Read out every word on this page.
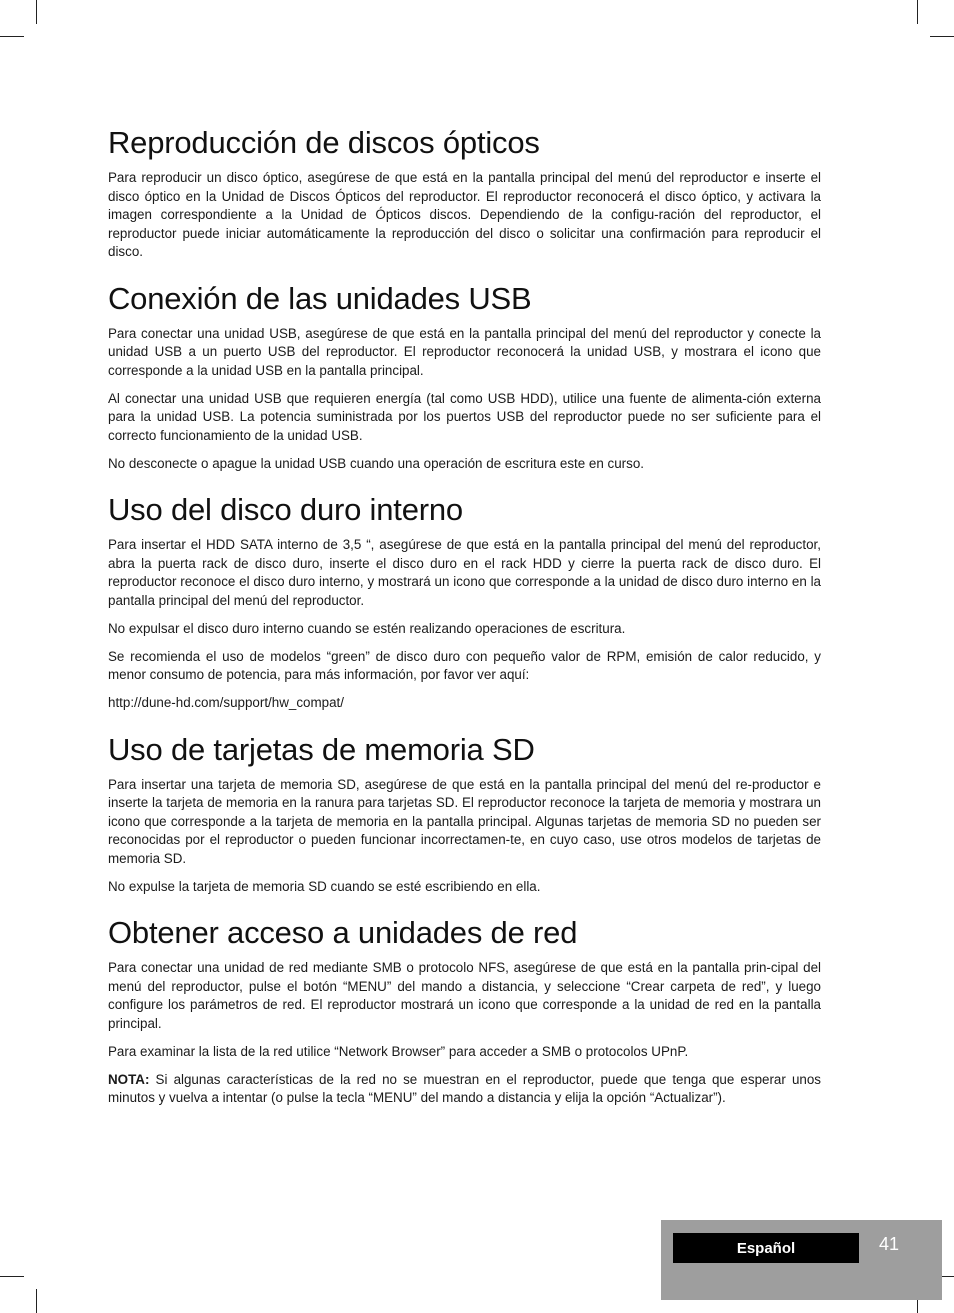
Reproducción de discos ópticos

Para reproducir un disco óptico, asegúrese de que está en la pantalla principal del menú del reproductor e inserte el disco óptico en la Unidad de Discos Ópticos del reproductor. El reproductor reconocerá el disco óptico, y activara la imagen correspondiente a la Unidad de Ópticos discos. Dependiendo de la configu-ración del reproductor, el reproductor puede iniciar automáticamente la reproducción del disco o solicitar una confirmación para reproducir el disco.

Conexión de las unidades USB

Para conectar una unidad USB, asegúrese de que está en la pantalla principal del menú del reproductor y conecte la unidad USB a un puerto USB del reproductor. El reproductor reconocerá la unidad USB, y mostrara el icono que corresponde a la unidad USB en la pantalla principal.

Al conectar una unidad USB que requieren energía (tal como USB HDD), utilice una fuente de alimenta-ción externa para la unidad USB. La potencia suministrada por los puertos USB del reproductor puede no ser suficiente para el correcto funcionamiento de la unidad USB.

No desconecte o apague la unidad USB cuando una operación de escritura este en curso.

Uso del disco duro interno

Para insertar el HDD SATA interno de 3,5 “, asegúrese de que está en la pantalla principal del menú del reproductor, abra la puerta rack de disco duro, inserte el disco duro en el rack HDD y cierre la puerta rack de disco duro. El reproductor reconoce el disco duro interno, y mostrará un icono que corresponde a la unidad de disco duro interno en la pantalla principal del menú del reproductor.

No expulsar el disco duro interno cuando se estén realizando operaciones de escritura.

Se recomienda el uso de modelos “green” de disco duro con pequeño valor de RPM, emisión de calor reducido, y menor consumo de potencia, para más información, por favor ver aquí:

http://dune-hd.com/support/hw_compat/

Uso de tarjetas de memoria SD

Para insertar una tarjeta de memoria SD, asegúrese de que está en la pantalla principal del menú del re-productor e inserte la tarjeta de memoria en la ranura para tarjetas SD. El reproductor reconoce la tarjeta de memoria y mostrara un icono que corresponde a la tarjeta de memoria en la pantalla principal. Algunas tarjetas de memoria SD no pueden ser reconocidas por el reproductor o pueden funcionar incorrectamen-te, en cuyo caso, use otros modelos de tarjetas de memoria SD.

No expulse la tarjeta de memoria SD cuando se esté escribiendo en ella.

Obtener acceso a unidades de red

Para conectar una unidad de red mediante SMB o protocolo NFS, asegúrese de que está en la pantalla prin-cipal del menú del reproductor, pulse el botón “MENU” del mando a distancia, y seleccione “Crear carpeta de red”, y luego configure los parámetros de red. El reproductor mostrará un icono que corresponde a la unidad de red en la pantalla principal.

Para examinar la lista de la red utilice “Network Browser” para acceder a SMB o protocolos UPnP.

NOTA: Si algunas características de la red no se muestran en el reproductor, puede que tenga que esperar unos minutos y vuelva a intentar (o pulse la tecla “MENU” del mando a distancia y elija la opción “Actualizar”).

Español	41
